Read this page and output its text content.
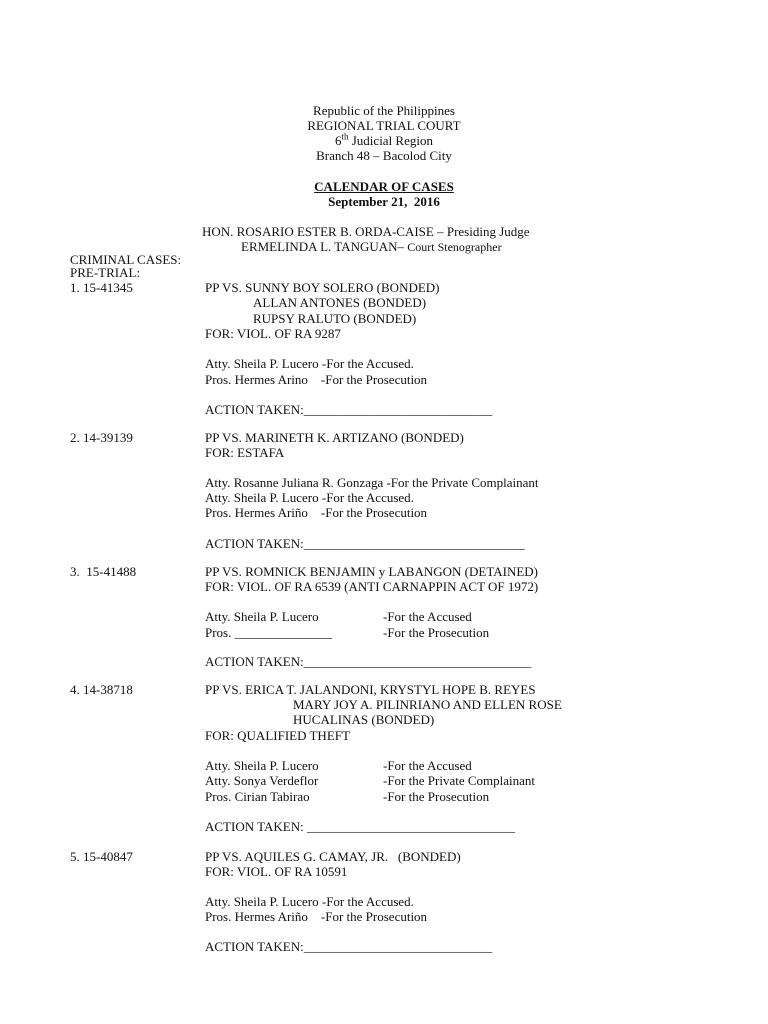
Republic of the Philippines
REGIONAL TRIAL COURT
6th Judicial Region
Branch 48 – Bacolod City
CALENDAR OF CASES
September 21,  2016
HON. ROSARIO ESTER B. ORDA-CAISE – Presiding Judge
ERMELINDA L. TANGUAN– Court Stenographer
CRIMINAL CASES:
PRE-TRIAL:
1. 15-41345	PP VS. SUNNY BOY SOLERO (BONDED)
ALLAN ANTONES (BONDED)
RUPSY RALUTO (BONDED)
FOR: VIOL. OF RA 9287
Atty. Sheila P. Lucero -For the Accused.
Pros. Hermes Arino    -For the Prosecution
ACTION TAKEN:_____________________________
2. 14-39139	PP VS. MARINETH K. ARTIZANO (BONDED)
FOR: ESTAFA
Atty. Rosanne Juliana R. Gonzaga -For the Private Complainant
Atty. Sheila P. Lucero -For the Accused.
Pros. Hermes Ariño    -For the Prosecution
ACTION TAKEN:__________________________________
3.  15-41488	PP VS. ROMNICK BENJAMIN y LABANGON (DETAINED)
FOR: VIOL. OF RA 6539 (ANTI CARNAPPIN ACT OF 1972)
Atty. Sheila P. Lucero	-For the Accused
Pros. _______________	-For the Prosecution
ACTION TAKEN:___________________________________
4. 14-38718	PP VS. ERICA T. JALANDONI, KRYSTYL HOPE B. REYES
MARY JOY A. PILINRIANO AND ELLEN ROSE
HUCALINAS (BONDED)
FOR: QUALIFIED THEFT
Atty. Sheila P. Lucero	-For the Accused
Atty. Sonya Verdeflor	-For the Private Complainant
Pros. Cirian Tabirao	-For the Prosecution
ACTION TAKEN: ________________________________
5. 15-40847	PP VS. AQUILES G. CAMAY, JR.   (BONDED)
FOR: VIOL. OF RA 10591
Atty. Sheila P. Lucero -For the Accused.
Pros. Hermes Ariño    -For the Prosecution
ACTION TAKEN:_____________________________
